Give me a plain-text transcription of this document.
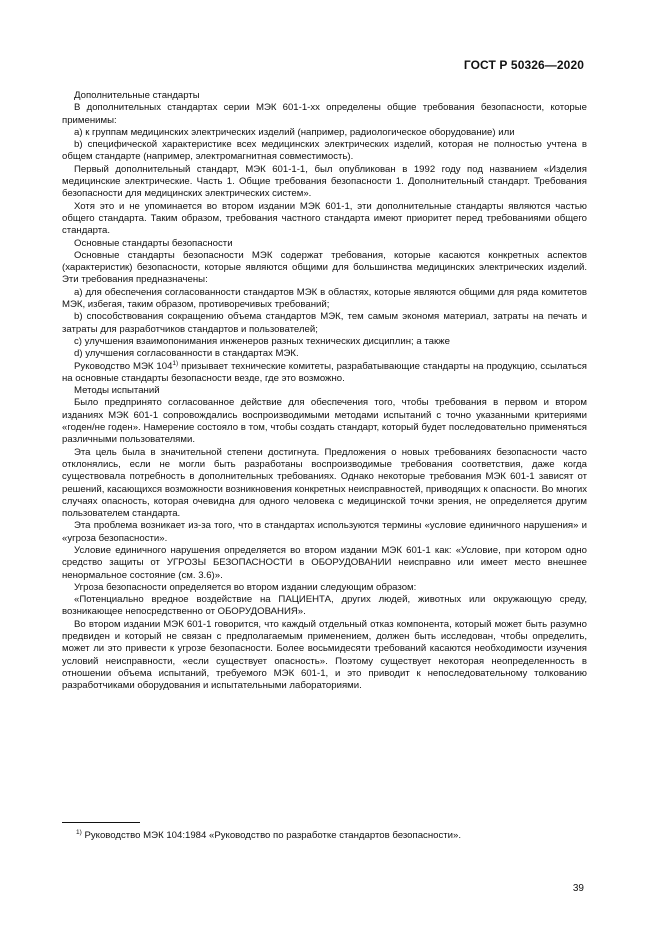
ГОСТ Р 50326—2020

Дополнительные стандарты

В дополнительных стандартах серии МЭК 601-1-хх определены общие требования безопасности, которые применимы:

а) к группам медицинских электрических изделий (например, радиологическое оборудование) или

b) специфической характеристике всех медицинских электрических изделий, которая не полностью учтена в общем стандарте (например, электромагнитная совместимость).

Первый дополнительный стандарт, МЭК 601-1-1, был опубликован в 1992 году под названием «Изделия медицинские электрические. Часть 1. Общие требования безопасности 1. Дополнительный стандарт. Требования безопасности для медицинских электрических систем».

Хотя это и не упоминается во втором издании МЭК 601-1, эти дополнительные стандарты являются частью общего стандарта. Таким образом, требования частного стандарта имеют приоритет перед требованиями общего стандарта.

Основные стандарты безопасности

Основные стандарты безопасности МЭК содержат требования, которые касаются конкретных аспектов (характеристик) безопасности, которые являются общими для большинства медицинских электрических изделий. Эти требования предназначены:

а) для обеспечения согласованности стандартов МЭК в областях, которые являются общими для ряда комитетов МЭК, избегая, таким образом, противоречивых требований;

b) способствования сокращению объема стандартов МЭК, тем самым экономя материал, затраты на печать и затраты для разработчиков стандартов и пользователей;

c) улучшения взаимопонимания инженеров разных технических дисциплин; а также

d) улучшения согласованности в стандартах МЭК.

Руководство МЭК 104$^{1)}$ призывает технические комитеты, разрабатывающие стандарты на продукцию, ссылаться на основные стандарты безопасности везде, где это возможно.

Методы испытаний

Было предпринято согласованное действие для обеспечения того, чтобы требования в первом и втором изданиях МЭК 601-1 сопровождались воспроизводимыми методами испытаний с точно указанными критериями «годен/не годен». Намерение состояло в том, чтобы создать стандарт, который будет последовательно применяться различными пользователями.

Эта цель была в значительной степени достигнута. Предложения о новых требованиях безопасности часто отклонялись, если не могли быть разработаны воспроизводимые требования соответствия, даже когда существовала потребность в дополнительных требованиях. Однако некоторые требования МЭК 601-1 зависят от решений, касающихся возможности возникновения конкретных неисправностей, приводящих к опасности. Во многих случаях опасность, которая очевидна для одного человека с медицинской точки зрения, не определяется другим пользователем стандарта.

Эта проблема возникает из-за того, что в стандартах используются термины «условие единичного нарушения» и «угроза безопасности».

Условие единичного нарушения определяется во втором издании МЭК 601-1 как: «Условие, при котором одно средство защиты от УГРОЗЫ БЕЗОПАСНОСТИ в ОБОРУДОВАНИИ неисправно или имеет место внешнее ненормальное состояние (см. 3.6)».

Угроза безопасности определяется во втором издании следующим образом:

«Потенциально вредное воздействие на ПАЦИЕНТА, других людей, животных или окружающую среду, возникающее непосредственно от ОБОРУДОВАНИЯ».

Во втором издании МЭК 601-1 говорится, что каждый отдельный отказ компонента, который может быть разумно предвиден и который не связан с предполагаемым применением, должен быть исследован, чтобы определить, может ли это привести к угрозе безопасности. Более восьмидесяти требований касаются необходимости изучения условий неисправности, «если существует опасность». Поэтому существует некоторая неопределенность в отношении объема испытаний, требуемого МЭК 601-1, и это приводит к непоследовательному толкованию разработчиками оборудования и испытательными лабораториями.

$^{1)}$ Руководство МЭК 104:1984 «Руководство по разработке стандартов безопасности».
39
